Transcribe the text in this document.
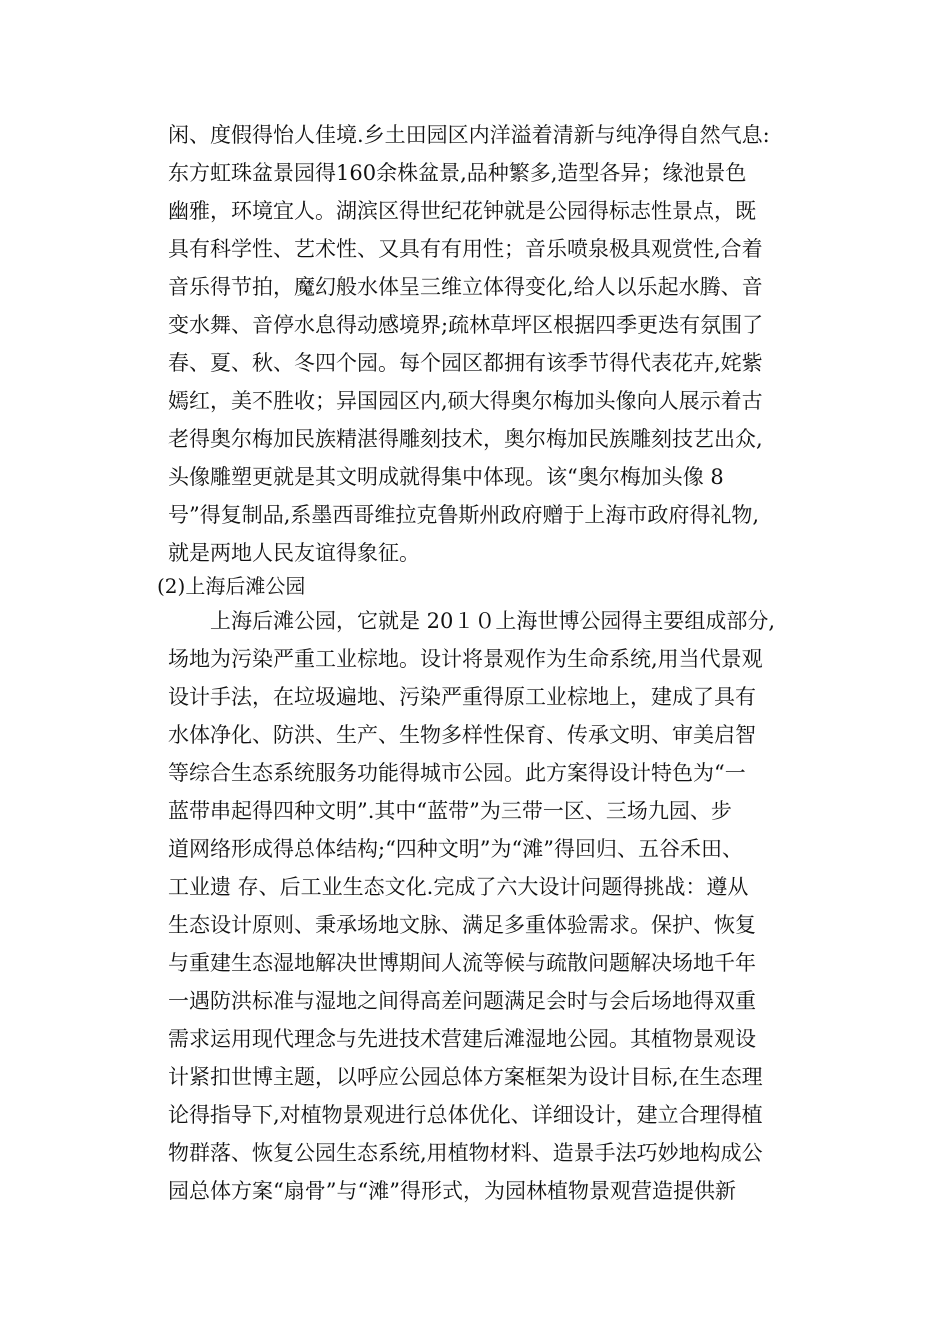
闲、度假得怡人佳境.乡土田园区内洋溢着清新与纯净得自然气息:
东方虹珠盆景园得160余株盆景,品种繁多,造型各异；缘池景色
幽雅，环境宜人。湖滨区得世纪花钟就是公园得标志性景点，既
具有科学性、艺术性、又具有有用性；音乐喷泉极具观赏性,合着
音乐得节拍，魔幻般水体呈三维立体得变化,给人以乐起水腾、音
变水舞、音停水息得动感境界;疏林草坪区根据四季更迭有氛围了
春、夏、秋、冬四个园。每个园区都拥有该季节得代表花卉,姹紫
嫣红，美不胜收；异国园区内,硕大得奥尔梅加头像向人展示着古
老得奥尔梅加民族精湛得雕刻技术，奥尔梅加民族雕刻技艺出众,
头像雕塑更就是其文明成就得集中体现。该“奥尔梅加头像 8
号”得复制品,系墨西哥维拉克鲁斯州政府赠于上海市政府得礼物,
就是两地人民友谊得象征。
(2)上海后滩公园
上海后滩公园，它就是 20１０上海世博公园得主要组成部分,
场地为污染严重工业棕地。设计将景观作为生命系统,用当代景观
设计手法，在垃圾遍地、污染严重得原工业棕地上，建成了具有
水体净化、防洪、生产、生物多样性保育、传承文明、审美启智
等综合生态系统服务功能得城市公园。此方案得设计特色为“一
蓝带串起得四种文明”.其中“蓝带”为三带一区、三场九园、步
道网络形成得总体结构;“四种文明”为“滩”得回归、五谷禾田、
工业遗 存、后工业生态文化.完成了六大设计问题得挑战：遵从
生态设计原则、秉承场地文脉、满足多重体验需求。保护、恢复
与重建生态湿地解决世博期间人流等候与疏散问题解决场地千年
一遇防洪标准与湿地之间得高差问题满足会时与会后场地得双重
需求运用现代理念与先进技术营建后滩湿地公园。其植物景观设
计紧扣世博主题，以呼应公园总体方案框架为设计目标,在生态理
论得指导下,对植物景观进行总体优化、详细设计，建立合理得植
物群落、恢复公园生态系统,用植物材料、造景手法巧妙地构成公
园总体方案“扇骨”与“滩”得形式，为园林植物景观营造提供新
